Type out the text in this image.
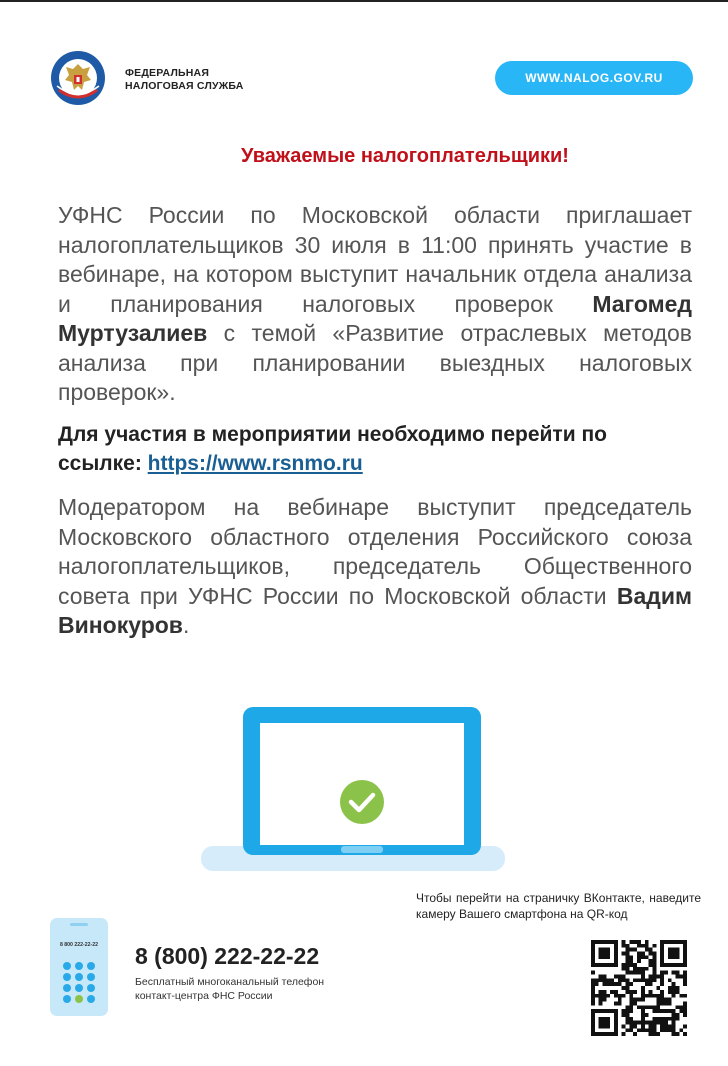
ФЕДЕРАЛЬНАЯ
НАЛОГОВАЯ СЛУЖБА
WWW.NALOG.GOV.RU
Уважаемые налогоплательщики!
УФНС России по Московской области приглашает налогоплательщиков 30 июля в 11:00 принять участие в вебинаре, на котором выступит начальник отдела анализа и планирования налоговых проверок Магомед Муртузалиев с темой «Развитие отраслевых методов анализа при планировании выездных налоговых проверок».
Для участия в мероприятии необходимо перейти по ссылке: https://www.rsnmo.ru
Модератором на вебинаре выступит председатель Московского областного отделения Российского союза налогоплательщиков, председатель Общественного совета при УФНС России по Московской области Вадим Винокуров.
8 800 222-22-22 8 (800) 222-22-22
Бесплатный многоканальный телефон
контакт-центра ФНС России
Чтобы перейти на страничку ВКонтакте, наведите камеру Вашего смартфона на QR-код
